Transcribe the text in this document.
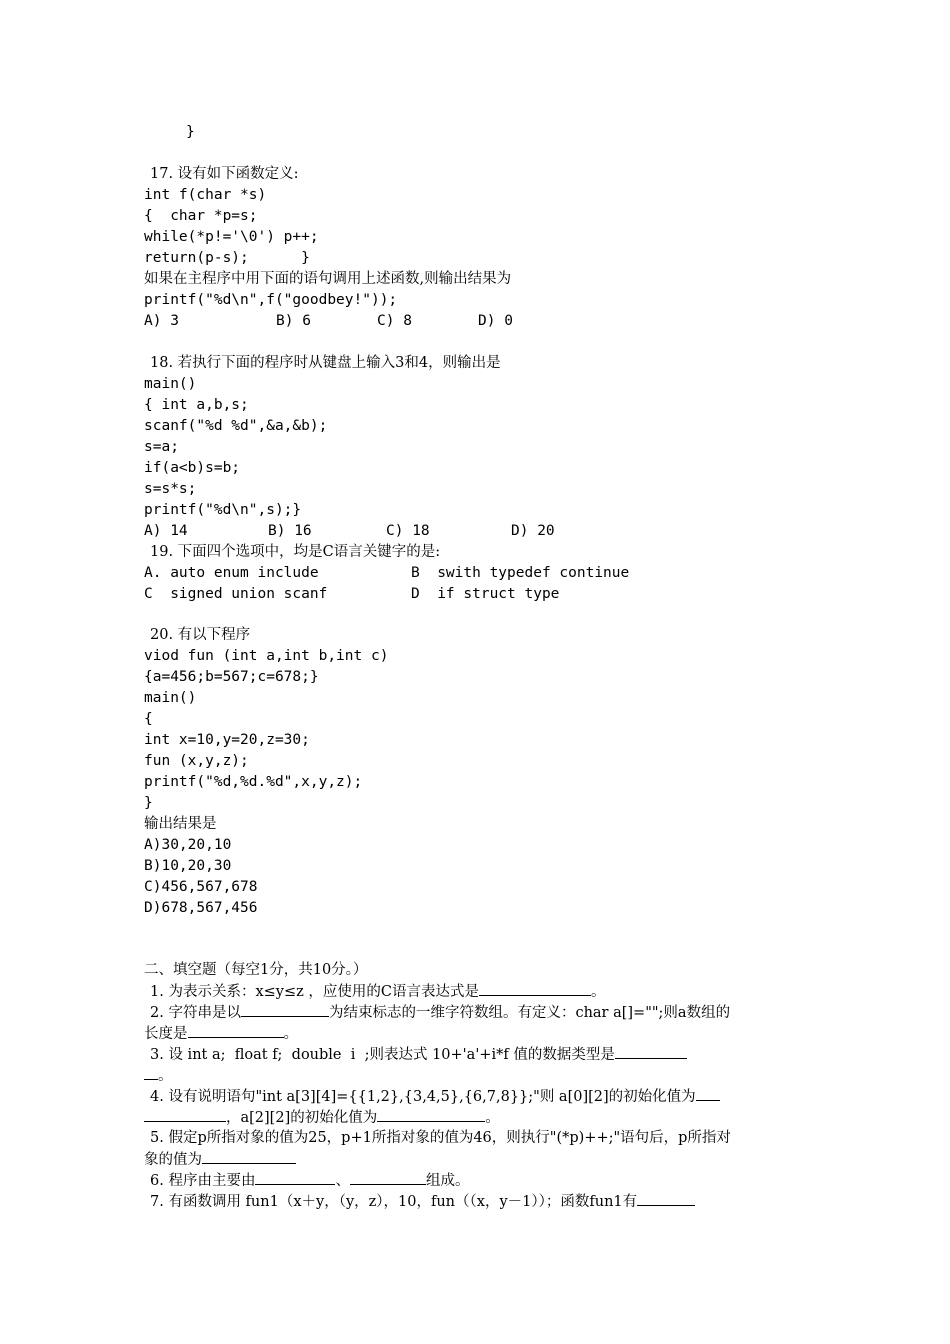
}
17. 设有如下函数定义:
int f(char *s)
{  char *p=s;
while(*p!='\0') p++;
return(p-s);      }
如果在主程序中用下面的语句调用上述函数,则输出结果为
printf("%d\n",f("goodbey!"));
A) 3	B) 6	C) 8	D) 0
18. 若执行下面的程序时从键盘上输入3和4，则输出是
main()
{ int a,b,s;
scanf("%d %d",&a,&b);
s=a;
if(a<b)s=b;
s=s*s;
printf("%d\n",s);}
A) 14	B) 16	C) 18	D) 20
19. 下面四个选项中，均是C语言关键字的是:
A. auto enum include	B  swith typedef continue
C  signed union scanf	D  if struct type
20. 有以下程序
viod fun (int a,int b,int c)
{a=456;b=567;c=678;}
main()
{
int x=10,y=20,z=30;
fun (x,y,z);
printf("%d,%d.%d",x,y,z);
}
输出结果是
A)30,20,10
B)10,20,30
C)456,567,678
D)678,567,456
二、填空题（每空1分，共10分。）
1. 为表示关系：x≤y≤z ，应使用的C语言表达式是	。
2. 字符串是以	为结束标志的一维字符数组。有定义：char a[]="";则a数组的
长度是	。
3. 设 int a;  float f;  double  i  ;则表达式 10+'a'+i*f 值的数据类型是
。
4. 设有说明语句"int a[3][4]={{1,2},{3,4,5},{6,7,8}};"则 a[0][2]的初始化值为
，a[2][2]的初始化值为	。
5. 假定p所指对象的值为25，p+1所指对象的值为46，则执行"(*p)++;"语句后，p所指对
象的值为
6. 程序由主要由	、	组成。
7. 有函数调用 fun1（x＋y，（y，z），10，fun（（x，y－1））；函数fun1有
